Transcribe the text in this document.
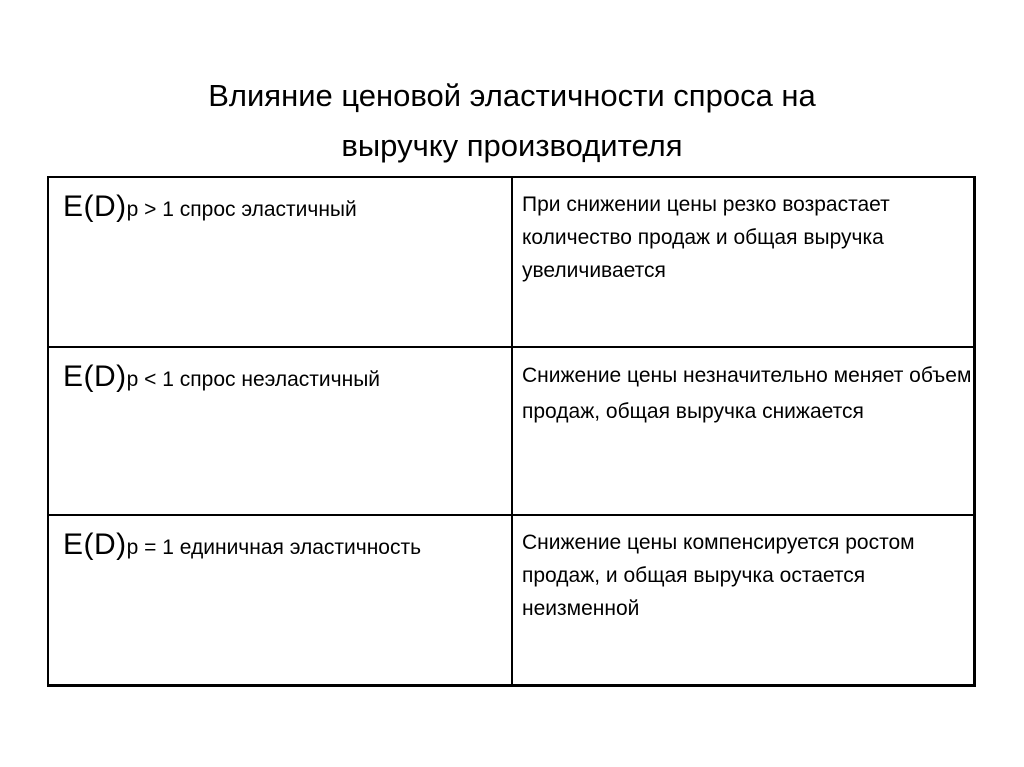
Влияние ценовой эластичности спроса на
выручку производителя
E(D)р > 1 спрос эластичный	При снижении цены резко возрастает количество продаж и общая выручка увеличивается
E(D)р < 1 спрос неэластичный	Снижение цены незначительно меняет объем продаж, общая выручка снижается
E(D)р = 1 единичная эластичность	Снижение цены компенсируется ростом продаж, и общая выручка остается неизменной
